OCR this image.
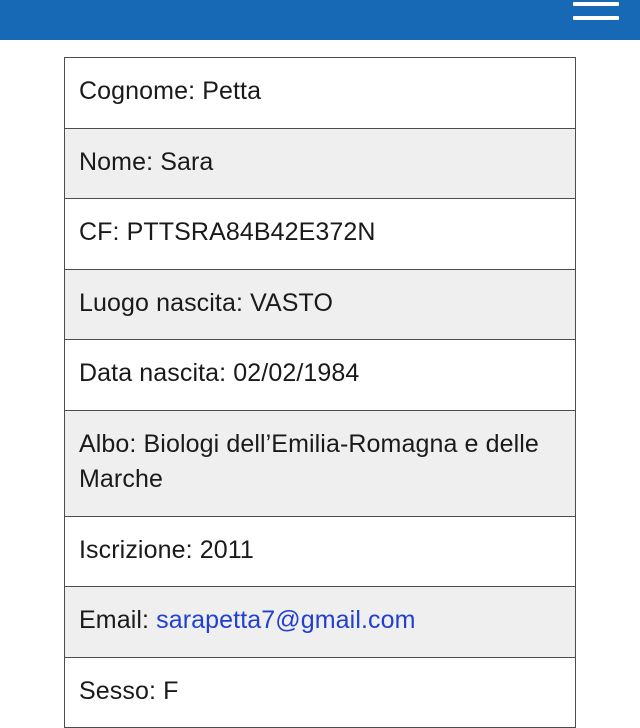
Cognome: Petta
Nome: Sara
CF: PTTSRA84B42E372N
Luogo nascita: VASTO
Data nascita: 02/02/1984
Albo: Biologi dell’Emilia-Romagna e delle Marche
Iscrizione: 2011
Email: sarapetta7@gmail.com
Sesso: F
